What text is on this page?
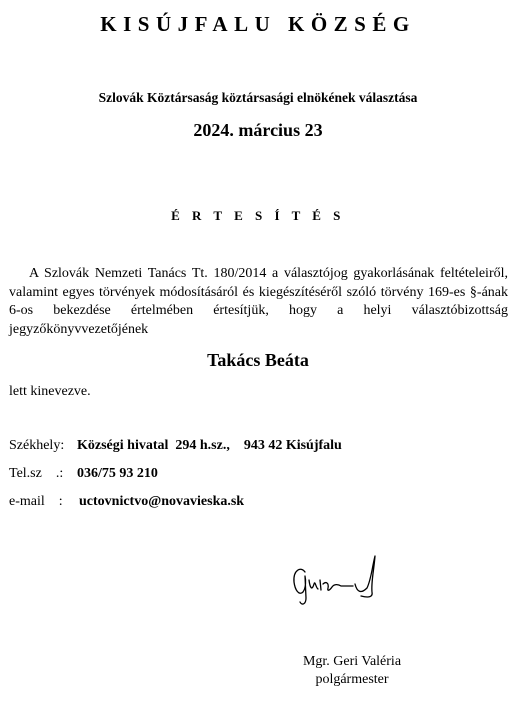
KISÚJFALU KÖZSÉG
Szlovák Köztársaság köztársasági elnökének választása
2024. március 23
É R T E S Í T É S
A Szlovák Nemzeti Tanács Tt. 180/2014 a választójog gyakorlásának feltételeiről, valamint egyes törvények módosításáról és kiegészítéséről szóló törvény 169-es §-ának 6-os bekezdése értelmében értesítjük, hogy a helyi választóbizottság jegyzőkönyvvezetőjének
Takács Beáta
lett kinevezve.
Székhely: Községi hivatal  294 h.sz.,    943 42 Kisújfalu
Tel.sz    .: 036/75 93 210
e-mail    : uctovnictvo@novavieska.sk
Mgr. Geri Valéria
polgármester
